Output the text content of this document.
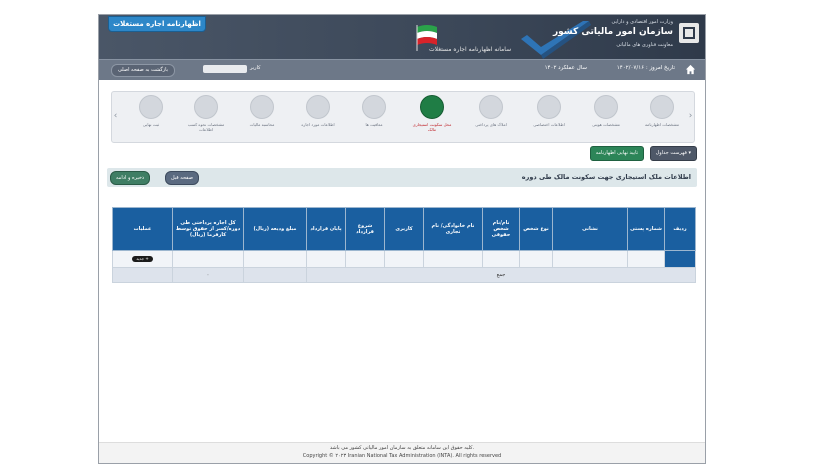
اظهارنامه اجاره مستغلات
سامانه اظهارنامه اجاره مستغلات
وزارت امور اقتصادی و دارایی
سازمان امور مالیاتی کشور
معاونت فناوری های مالیاتی
تاریخ امروز : ۱۴۰۲/۰۷/۱۶
سال عملکرد ۱۴۰۲
کاربر
بازگشت به صفحه اصلی
›
‹
مشخصات اظهارنامه
مشخصات هویتی
اطلاعات اختصاصی
املاک های پرداختی
محل سکونت استیجاری مالک
معافیت ها
اطلاعات مورد اجاره
محاسبه مالیات
مشخصات نحوه کسب اطلاعات
ثبت نهایی
فهرست جداول ▾
تایید نهایی اظهارنامه
اطلاعات ملک استیجاری جهت سکونت مالک طی دوره
صفحه قبل
ذخیره و ادامه
ردیف	شماره پستی	نشانی	نوع شخص	نام/نام شخص حقوقی	نام خانوادگی/ نام تجاری	کاربری	شروع قرارداد	پایان قرارداد	مبلغ ودیعه (ریال)	کل اجاره پرداختی طی دوره/کسر از حقوق توسط کارفرما (ریال)	عملیات
											+ جدید
جمع										۰	
کلیه حقوق این سامانه متعلق به سازمان امور مالیاتی کشور می باشد.
Copyright © ۲۰۲۳ Iranian National Tax Administration (INTA). All rights reserved
